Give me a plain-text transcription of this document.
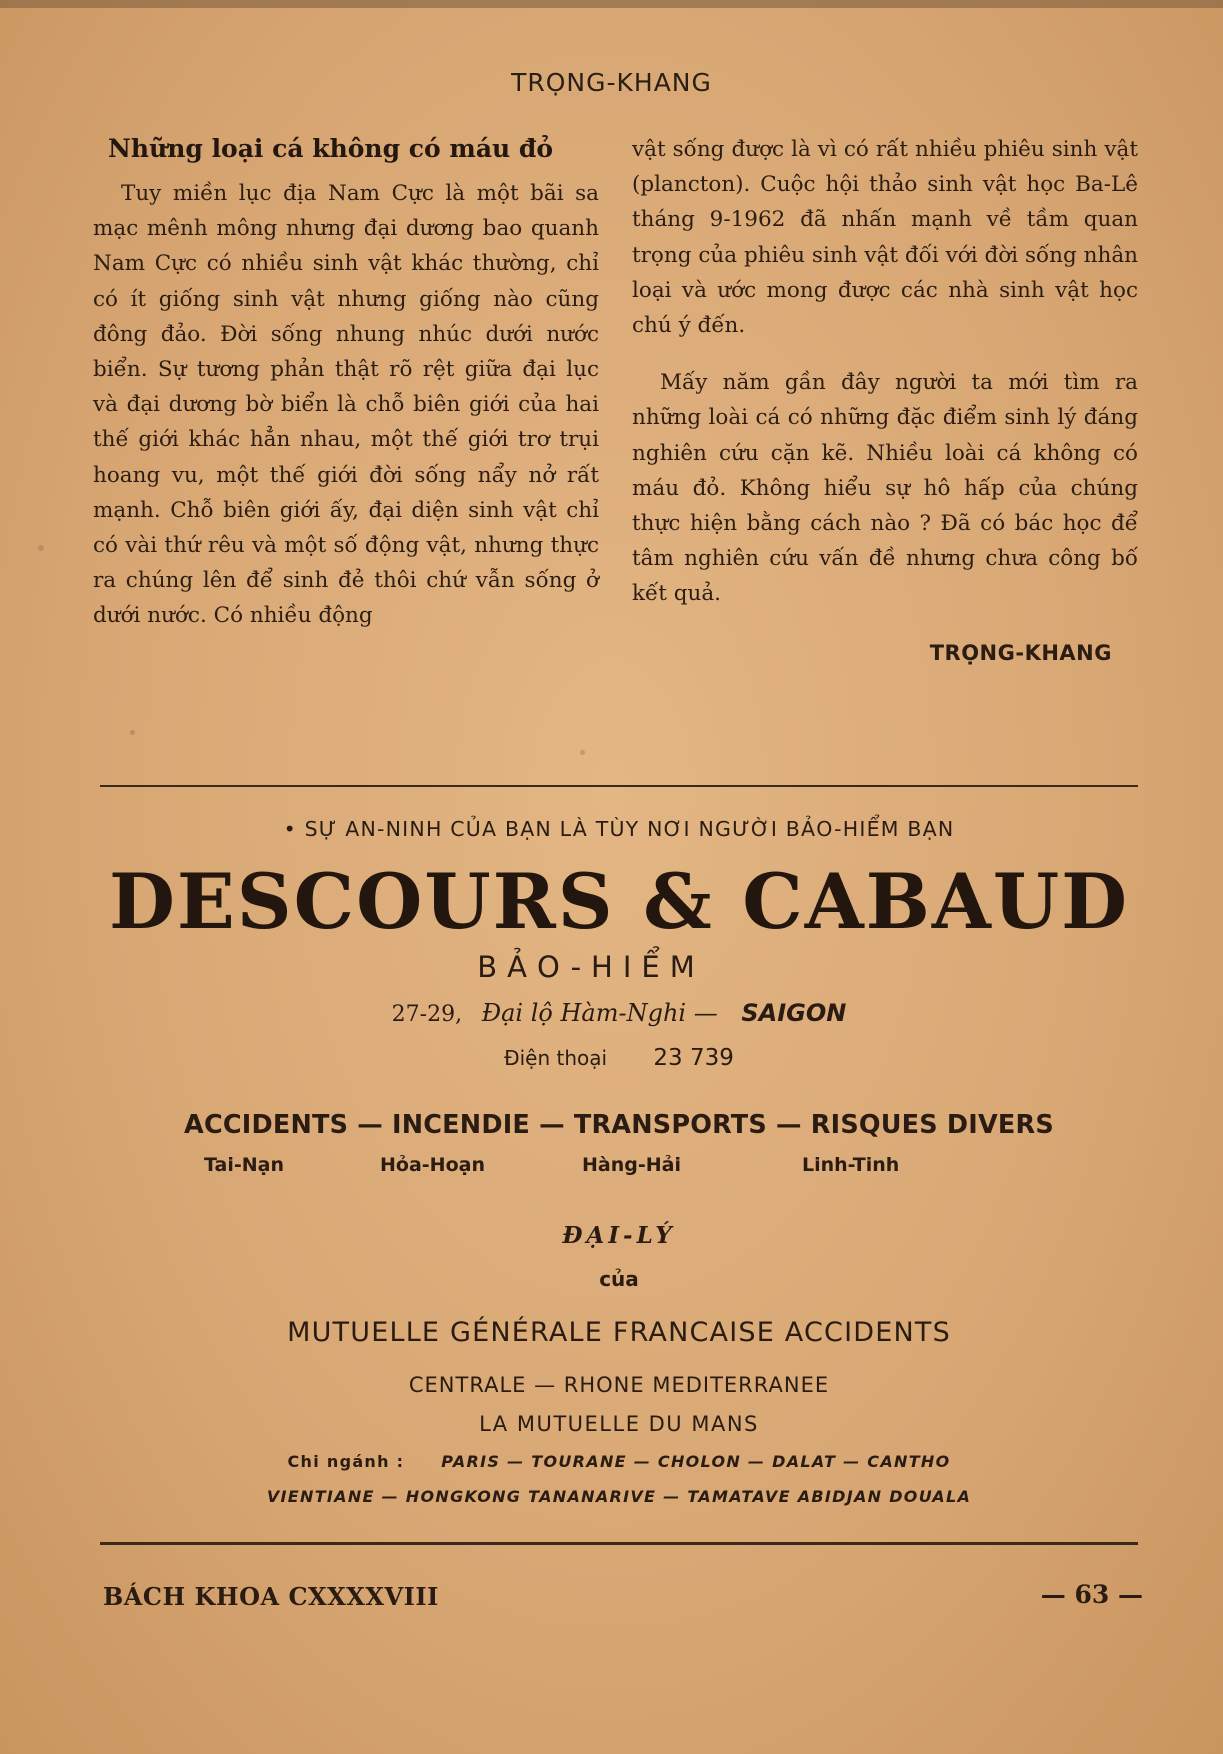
TRỌNG-KHANG
Những loại cá không có máu đỏ

Tuy miền lục địa Nam Cực là một bãi sa mạc mênh mông nhưng đại dương bao quanh Nam Cực có nhiều sinh vật khác thường, chỉ có ít giống sinh vật nhưng giống nào cũng đông đảo. Đời sống nhung nhúc dưới nước biển. Sự tương phản thật rõ rệt giữa đại lục và đại dương bờ biển là chỗ biên giới của hai thế giới khác hẳn nhau, một thế giới trơ trụi hoang vu, một thế giới đời sống nẩy nở rất mạnh. Chỗ biên giới ấy, đại diện sinh vật chỉ có vài thứ rêu và một số động vật, nhưng thực ra chúng lên để sinh đẻ thôi chứ vẫn sống ở dưới nước. Có nhiều động

vật sống được là vì có rất nhiều phiêu sinh vật (plancton). Cuộc hội thảo sinh vật học Ba-Lê tháng 9-1962 đã nhấn mạnh về tầm quan trọng của phiêu sinh vật đối với đời sống nhân loại và ước mong được các nhà sinh vật học chú ý đến.

Mấy năm gần đây người ta mới tìm ra những loài cá có những đặc điểm sinh lý đáng nghiên cứu cặn kẽ. Nhiều loài cá không có máu đỏ. Không hiểu sự hô hấp của chúng thực hiện bằng cách nào ? Đã có bác học để tâm nghiên cứu vấn đề nhưng chưa công bố kết quả.

TRỌNG-KHANG
• SỰ AN-NINH CỦA BẠN LÀ TÙY NƠI NGƯỜI BẢO-HIỂM BẠN
DESCOURS & CABAUD
BẢO-HIỂM
27-29, Đại lộ Hàm-Nghi — SAIGON
Điện thoại 23 739
ACCIDENTS — INCENDIE — TRANSPORTS — RISQUES DIVERS
Tai-Nạn	Hỏa-Hoạn	Hàng-Hải	Linh-Tinh
ĐẠI-LÝ
của
MUTUELLE GÉNÉRALE FRANCAISE ACCIDENTS
CENTRALE — RHONE MEDITERRANEE
LA MUTUELLE DU MANS
Chi ngánh : PARIS — TOURANE — CHOLON — DALAT — CANTHO
VIENTIANE — HONGKONG TANANARIVE — TAMATAVE ABIDJAN DOUALA
BÁCH KHOA CXXXXVIII	— 63 —
